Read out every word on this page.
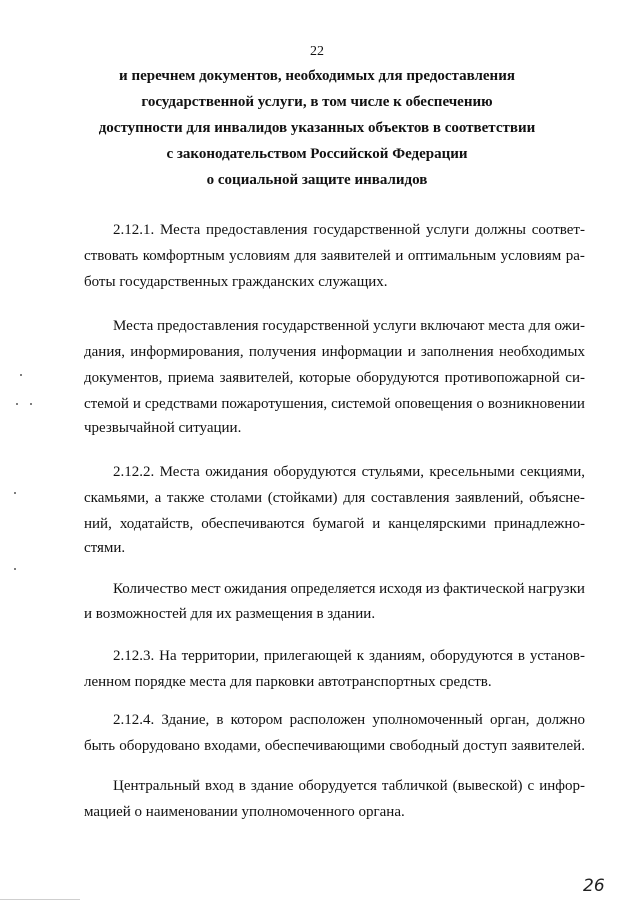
22

и перечнем документов, необходимых для предоставления

государственной услуги, в том числе к обеспечению

доступности для инвалидов указанных объектов в соответствии

с законодательством Российской Федерации

о социальной защите инвалидов

2.12.1. Места предоставления государственной услуги должны соответ-

ствовать комфортным условиям для заявителей и оптимальным условиям ра-

боты государственных гражданских служащих.

Места предоставления государственной услуги включают места для ожи-

дания, информирования, получения информации и заполнения необходимых

документов, приема заявителей, которые оборудуются противопожарной си-

стемой и средствами пожаротушения, системой оповещения о возникновении

чрезвычайной ситуации.

2.12.2. Места ожидания оборудуются стульями, кресельными секциями,

скамьями, а также столами (стойками) для составления заявлений, объясне-

ний, ходатайств, обеспечиваются бумагой и канцелярскими принадлежно-

стями.

Количество мест ожидания определяется исходя из фактической нагрузки

и возможностей для их размещения в здании.

2.12.3. На территории, прилегающей к зданиям, оборудуются в установ-

ленном порядке места для парковки автотранспортных средств.

2.12.4. Здание, в котором расположен уполномоченный орган, должно

быть оборудовано входами, обеспечивающими свободный доступ заявителей.

Центральный вход в здание оборудуется табличкой (вывеской) с инфор-

мацией о наименовании уполномоченного органа.

26
